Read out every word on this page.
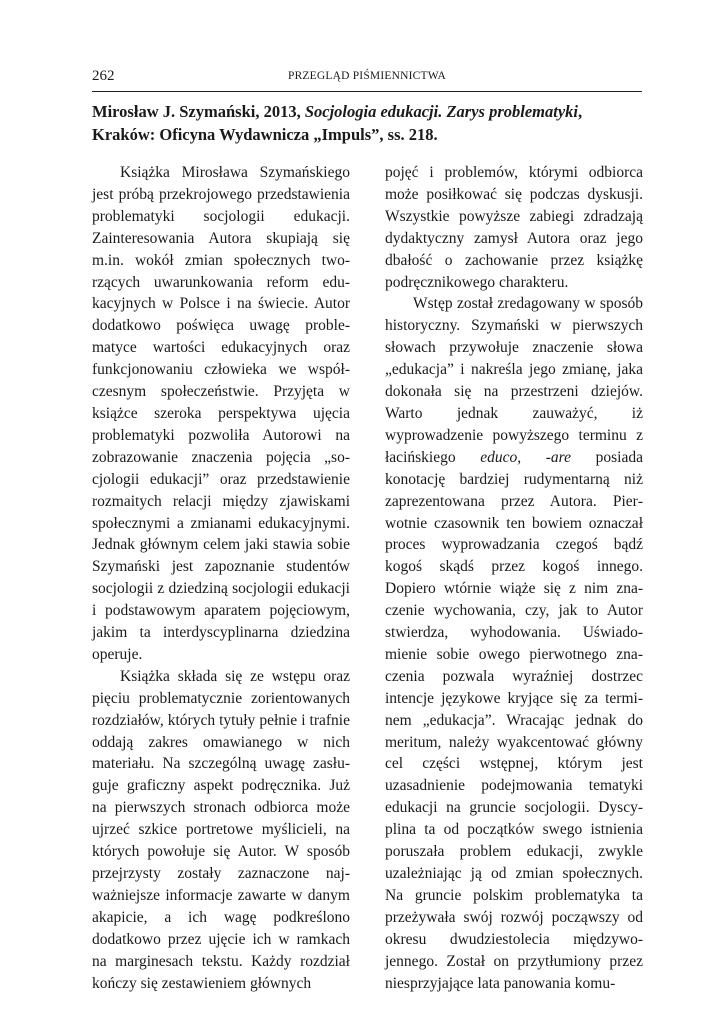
262	PRZEGLĄD PIŚMIENNICTWA
Mirosław J. Szymański, 2013, Socjologia edukacji. Zarys problematyki, Kraków: Oficyna Wydawnicza „Impuls”, ss. 218.

Książka Mirosława Szymańskiego jest próbą przekrojowego przedstawienia problematyki socjologii edukacji. Zainteresowania Autora skupiają się m.in. wokół zmian społecznych tworzących uwarunkowania reform edukacyjnych w Polsce i na świecie. Autor dodatkowo poświęca uwagę problematyce wartości edukacyjnych oraz funkcjonowaniu człowieka we współczesnym społeczeństwie. Przyjęta w książce szeroka perspektywa ujęcia problematyki pozwoliła Autorowi na zobrazowanie znaczenia pojęcia „socjologii edukacji” oraz przedstawienie rozmaitych relacji między zjawiskami społecznymi a zmianami edukacyjnymi. Jednak głównym celem jaki stawia sobie Szymański jest zapoznanie studentów socjologii z dziedziną socjologii edukacji i podstawowym aparatem pojęciowym, jakim ta interdyscyplinarna dziedzina operuje.

Książka składa się ze wstępu oraz pięciu problematycznie zorientowanych rozdziałów, których tytuły pełnie i trafnie oddają zakres omawianego w nich materiału. Na szczególną uwagę zasługuje graficzny aspekt podręcznika. Już na pierwszych stronach odbiorca może ujrzeć szkice portretowe myślicieli, na których powołuje się Autor. W sposób przejrzysty zostały zaznaczone najważniejsze informacje zawarte w danym akapicie, a ich wagę podkreślono dodatkowo przez ujęcie ich w ramkach na marginesach tekstu. Każdy rozdział kończy się zestawieniem głównych

pojęć i problemów, którymi odbiorca może posiłkować się podczas dyskusji. Wszystkie powyższe zabiegi zdradzają dydaktyczny zamysł Autora oraz jego dbałość o zachowanie przez książkę podręcznikowego charakteru.

Wstęp został zredagowany w sposób historyczny. Szymański w pierwszych słowach przywołuje znaczenie słowa „edukacja” i nakreśla jego zmianę, jaka dokonała się na przestrzeni dziejów. Warto jednak zauważyć, iż wyprowadzenie powyższego terminu z łacińskiego educo, -are posiada konotację bardziej rudymentarną niż zaprezentowana przez Autora. Pierwotnie czasownik ten bowiem oznaczał proces wyprowadzania czegoś bądź kogoś skądś przez kogoś innego. Dopiero wtórnie wiąże się z nim znaczenie wychowania, czy, jak to Autor stwierdza, wyhodowania. Uświadomienie sobie owego pierwotnego znaczenia pozwala wyraźniej dostrzec intencje językowe kryjące się za terminem „edukacja”. Wracając jednak do meritum, należy wyakcentować główny cel części wstępnej, którym jest uzasadnienie podejmowania tematyki edukacji na gruncie socjologii. Dyscyplina ta od początków swego istnienia poruszała problem edukacji, zwykle uzależniając ją od zmian społecznych. Na gruncie polskim problematyka ta przeżywała swój rozwój począwszy od okresu dwudziestolecia międzywojennego. Został on przytłumiony przez niesprzyjające lata panowania komu-
